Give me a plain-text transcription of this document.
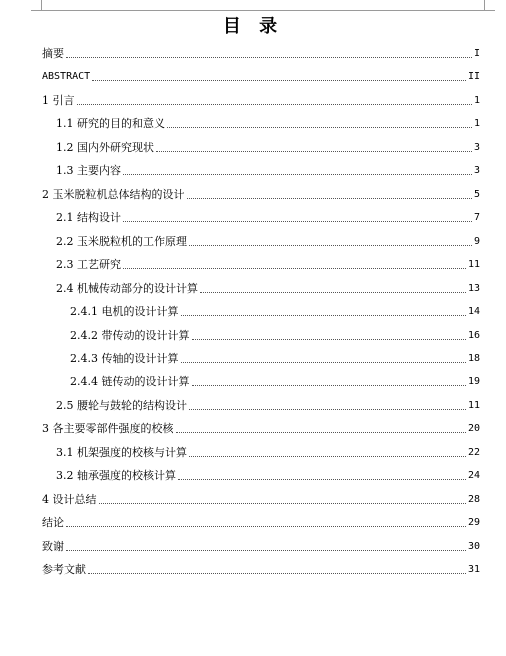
目 录
摘要	I
ABSTRACT	II
1 引言	1
1.1 研究的目的和意义	1
1.2 国内外研究现状	3
1.3 主要内容	3
2 玉米脱粒机总体结构的设计	5
2.1 结构设计	7
2.2 玉米脱粒机的工作原理	9
2.3 工艺研究	11
2.4 机械传动部分的设计计算	13
2.4.1 电机的设计计算	14
2.4.2 带传动的设计计算	16
2.4.3 传轴的设计计算	18
2.4.4 链传动的设计计算	19
2.5 腰轮与鼓轮的结构设计	11
3 各主要零部件强度的校核	20
3.1 机架强度的校核与计算	22
3.2 轴承强度的校核计算	24
4 设计总结	28
结论	29
致谢	30
参考文献	31
